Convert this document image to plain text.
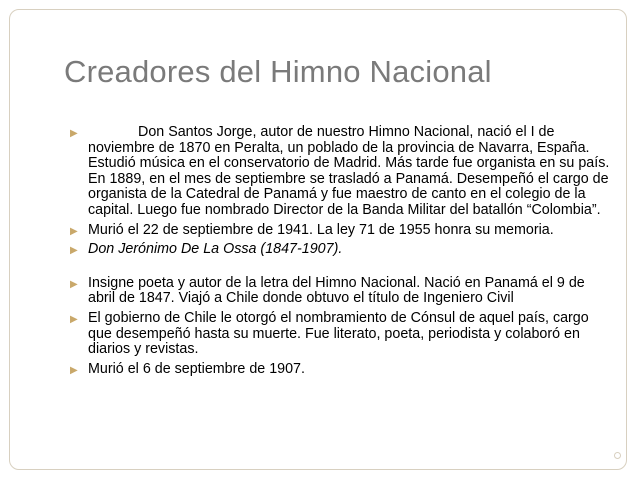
Creadores del Himno Nacional
▶	Don Santos Jorge, autor de nuestro Himno Nacional, nació el I de noviembre de 1870 en Peralta, un poblado de la provincia de Navarra, España. Estudió música en el conservatorio de Madrid. Más tarde fue organista en su país. En 1889, en el mes de septiembre se trasladó a Panamá. Desempeñó el cargo de organista de la Catedral de Panamá y fue maestro de canto en el colegio de la capital. Luego fue nombrado Director de la Banda Militar del batallón “Colombia”.
▶ Murió el 22 de septiembre de 1941. La ley 71 de 1955 honra su memoria.
▶ Don Jerónimo De La Ossa (1847-1907).
▶ Insigne poeta y autor de la letra del Himno Nacional. Nació en Panamá el 9 de abril de 1847. Viajó a Chile donde obtuvo el título de Ingeniero Civil
▶ El gobierno de Chile le otorgó el nombramiento de Cónsul de aquel país, cargo que desempeñó hasta su muerte. Fue literato, poeta, periodista y colaboró en diarios y revistas.
▶ Murió el 6 de septiembre de 1907.
